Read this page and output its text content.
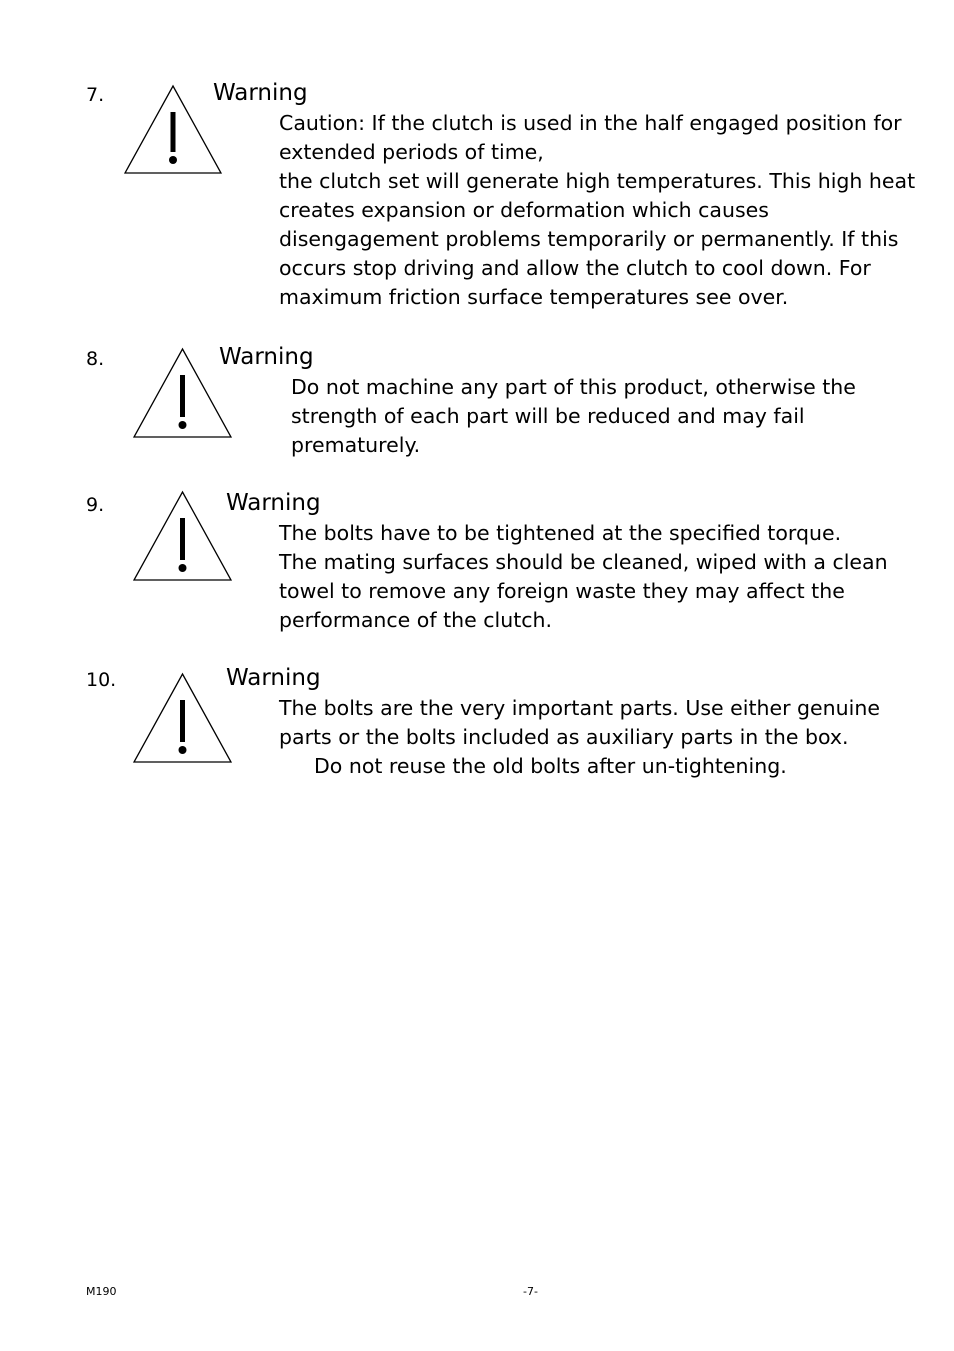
7.	Warning
Caution: If the clutch is used in the half engaged position for
extended periods of time,
the clutch set will generate high temperatures. This high heat
creates expansion or deformation which causes
disengagement problems temporarily or permanently. If this
occurs stop driving and allow the clutch to cool down. For
maximum friction surface temperatures see over.
8.	Warning
Do not machine any part of this product, otherwise the
strength of each part will be reduced and may fail
prematurely.
9.	Warning
The bolts have to be tightened at the specified torque.
The mating surfaces should be cleaned, wiped with a clean
towel to remove any foreign waste they may affect the
performance of the clutch.
10.	Warning
The bolts are the very important parts. Use either genuine
parts or the bolts included as auxiliary parts in the box.
Do not reuse the old bolts after un-tightening.
M190	-7-
